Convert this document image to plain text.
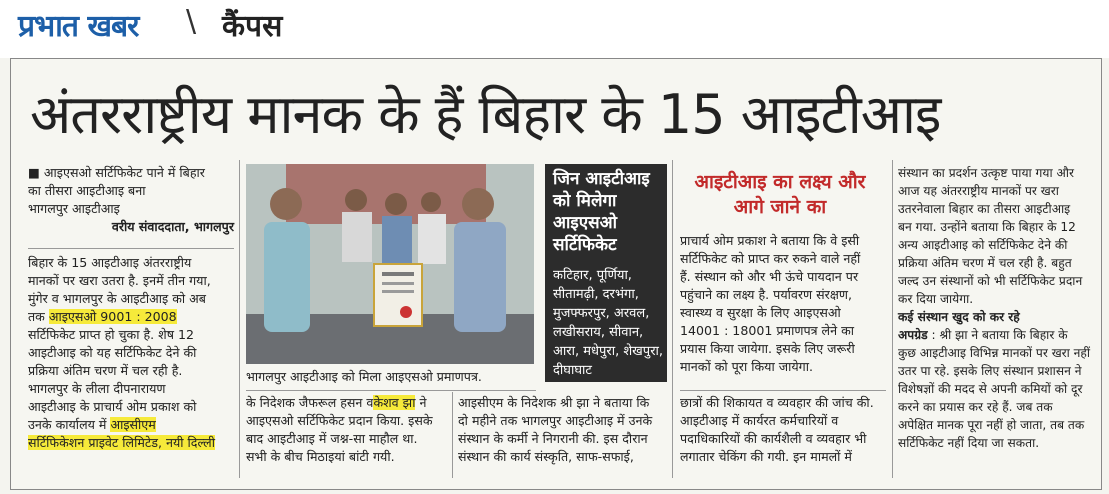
प्रभात खबर \ कैंपस
अंतरराष्ट्रीय मानक के हैं बिहार के 15 आइटीआइ

■ आइएसओ सर्टिफिकेट पाने में बिहार

का तीसरा आइटीआइ बना

भागलपुर आइटीआइ

वरीय संवाददाता, भागलपुर

बिहार के 15 आइटीआइ अंतरराष्ट्रीय

मानकों पर खरा उतरा है. इनमें तीन गया,

मुंगेर व भागलपुर के आइटीआइ को अब

तक आइएसओ 9001 : 2008

सर्टिफिकेट प्राप्त हो चुका है. शेष 12

आइटीआइ को यह सर्टिफिकेट देने की

प्रक्रिया अंतिम चरण में चल रही है.

भागलपुर के लीला दीपनारायण

आइटीआइ के प्राचार्य ओम प्रकाश को

उनके कार्यालय में आइसीएम

सर्टिफिकेशन प्राइवेट लिमिटेड, नयी दिल्ली

भागलपुर आइटीआइ को मिला आइएसओ प्रमाणपत्र.

के निदेशक जैफरूल हसन वकेशव झा ने

आइएसओ सर्टिफिकेट प्रदान किया. इसके

बाद आइटीआइ में जश्न-सा माहौल था.

सभी के बीच मिठाइयां बांटी गयी.

आइसीएम के निदेशक श्री झा ने बताया कि

दो महीने तक भागलपुर आइटीआइ में उनके

संस्थान के कर्मी ने निगरानी की. इस दौरान

संस्थान की कार्य संस्कृति, साफ-सफाई,

जिन आइटीआइ को मिलेगा आइएसओ सर्टिफिकेट
कटिहार, पूर्णिया, सीतामढ़ी, दरभंगा, मुजफ्फरपुर, अरवल, लखीसराय, सीवान, आरा, मधेपुरा, शेखपुरा, दीघाघाट
आइटीआइ का लक्ष्य और आगे जाने का

प्राचार्य ओम प्रकाश ने बताया कि वे इसी

सर्टिफिकेट को प्राप्त कर रुकने वाले नहीं

हैं. संस्थान को और भी ऊंचे पायदान पर

पहुंचाने का लक्ष्य है. पर्यावरण संरक्षण,

स्वास्थ्य व सुरक्षा के लिए आइएसओ

14001 : 18001 प्रमाणपत्र लेने का

प्रयास किया जायेगा. इसके लिए जरूरी

मानकों को पूरा किया जायेगा.

छात्रों की शिकायत व व्यवहार की जांच की.

आइटीआइ में कार्यरत कर्मचारियों व

पदाधिकारियों की कार्यशैली व व्यवहार भी

लगातार चेकिंग की गयी. इन मामलों में

संस्थान का प्रदर्शन उत्कृष्ट पाया गया और

आज यह अंतरराष्ट्रीय मानकों पर खरा

उतरनेवाला बिहार का तीसरा आइटीआइ

बन गया. उन्होंने बताया कि बिहार के 12

अन्य आइटीआइ को सर्टिफिकेट देने की

प्रक्रिया अंतिम चरण में चल रही है. बहुत

जल्द उन संस्थानों को भी सर्टिफिकेट प्रदान

कर दिया जायेगा.

कई संस्थान खुद को कर रहे

अपग्रेड : श्री झा ने बताया कि बिहार के

कुछ आइटीआइ विभिन्न मानकों पर खरा नहीं

उतर पा रहे. इसके लिए संस्थान प्रशासन ने

विशेषज्ञों की मदद से अपनी कमियों को दूर

करने का प्रयास कर रहे हैं. जब तक

अपेक्षित मानक पूरा नहीं हो जाता, तब तक

सर्टिफिकेट नहीं दिया जा सकता.
